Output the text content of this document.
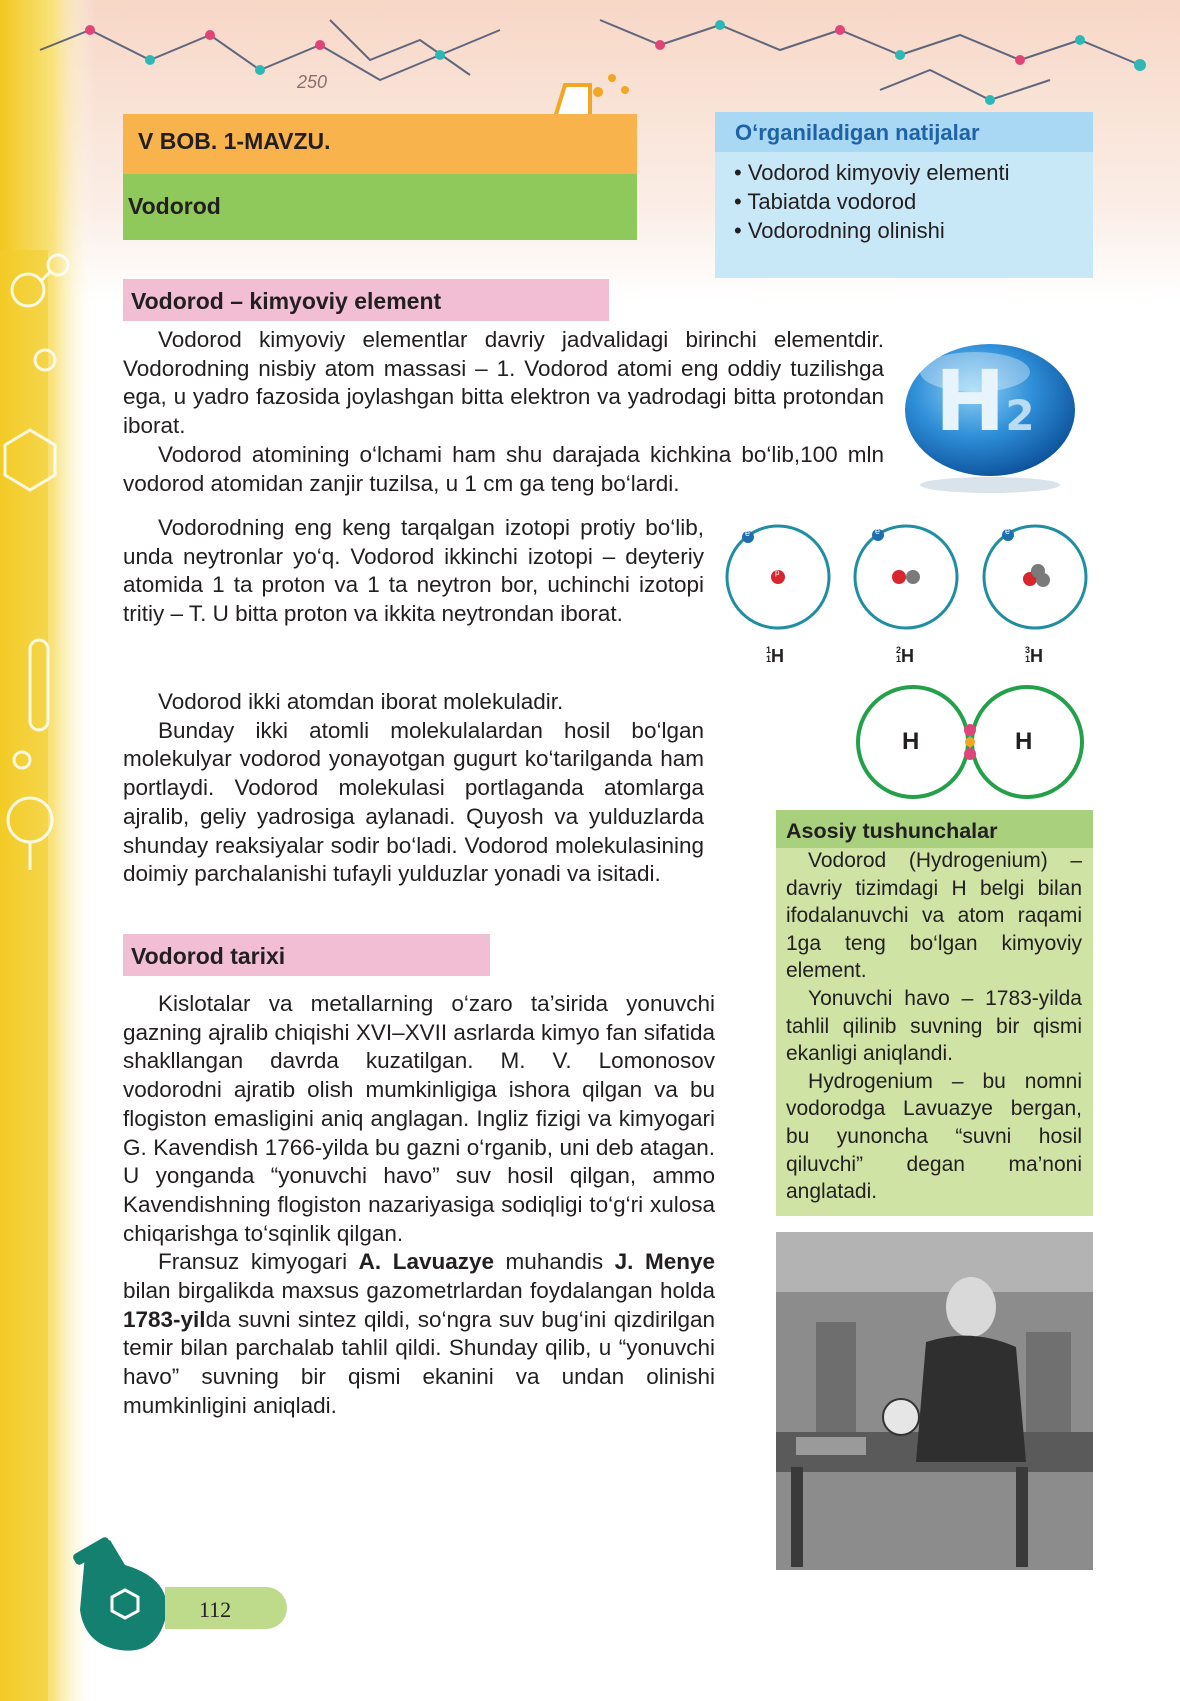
V BOB. 1-MAVZU.
Vodorod
250
O‘rganiladigan natijalar
• Vodorod kimyoviy elementi
• Tabiatda vodorod
• Vodorodning olinishi
Vodorod – kimyoviy element

Vodorod kimyoviy elementlar davriy jadvalidagi birinchi elementdir. Vodorodning nisbiy atom massasi – 1. Vodorod atomi eng oddiy tuzilishga ega, u yadro fazosida joylashgan bitta elektron va yadrodagi bitta protondan iborat.

Vodorod atomining o‘lchami ham shu darajada kichkina bo‘lib,100 mln vodorod atomidan zanjir tuzilsa, u 1 cm ga teng bo‘lardi.

H2

Vodorodning eng keng tarqalgan izotopi protiy bo‘lib, unda neytronlar yo‘q. Vodorod ikkinchi izotopi – deyteriy atomida 1 ta proton va 1 ta neytron bor, uchinchi izotopi tritiy – T. U bitta proton va ikkita neytrondan iborat.

e	e	e
p
1
1H	2
1H	3
1H
H	H

Vodorod ikki atomdan iborat molekuladir.

Bunday ikki atomli molekulalardan hosil bo‘lgan molekulyar vodorod yonayotgan gugurt ko‘tarilganda ham portlaydi. Vodorod molekulasi portlaganda atomlarga ajralib, geliy yadrosiga aylanadi. Quyosh va yulduzlarda shunday reaksiyalar sodir bo‘ladi. Vodorod molekulasining doimiy parchalanishi tufayli yulduzlar yonadi va isitadi.

Asosiy tushunchalar

Vodorod (Hydrogenium) – davriy tizimdagi H belgi bilan ifodalanuvchi va atom raqami 1ga teng bo‘lgan kimyoviy element.

Yonuvchi havo – 1783-yilda tahlil qilinib suvning bir qismi ekanligi aniqlandi.

Hydrogenium – bu nomni vodorodga Lavuazye bergan, bu yunoncha “suvni hosil qiluvchi” degan ma’noni anglatadi.

Vodorod tarixi

Kislotalar va metallarning o‘zaro ta’sirida yonuvchi gazning ajralib chiqishi XVI–XVII asrlarda kimyo fan sifatida shakllangan davrda kuzatilgan. M. V. Lomonosov vodorodni ajratib olish mumkinligiga ishora qilgan va bu flogiston emasligini aniq anglagan. Ingliz fizigi va kimyogari G. Kavendish 1766-yilda bu gazni o‘rganib, uni deb atagan. U yonganda “yonuvchi havo” suv hosil qilgan, ammo Kavendishning flogiston nazariyasiga sodiqligi to‘g‘ri xulosa chiqarishga to‘sqinlik qilgan.

Fransuz kimyogari A. Lavuazye muhandis J. Menye bilan birgalikda maxsus gazometrlardan foydalangan holda 1783-yilda suvni sintez qildi, so‘ngra suv bug‘ini qizdirilgan temir bilan parchalab tahlil qildi. Shunday qilib, u “yonuvchi havo” suvning bir qismi ekanini va undan olinishi mumkinligini aniqladi.

112
